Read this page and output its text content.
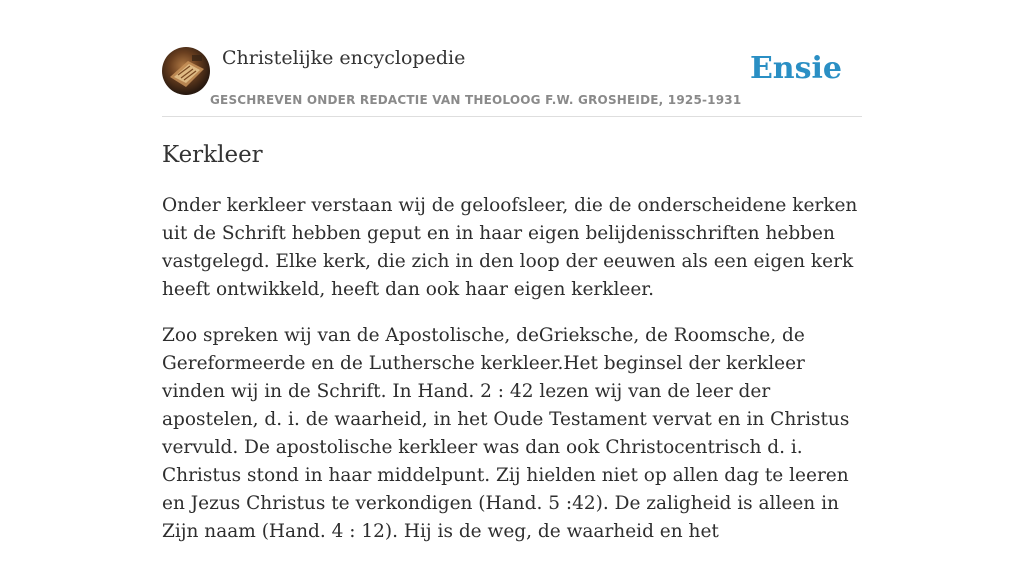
Christelijke encyclopedie
GESCHREVEN ONDER REDACTIE VAN THEOLOOG F.W. GROSHEIDE, 1925-1931
Ensie
Kerkleer

Onder kerkleer verstaan wij de geloofsleer, die de onderscheidene kerken uit de Schrift hebben geput en in haar eigen belijdenisschriften hebben vastgelegd. Elke kerk, die zich in den loop der eeuwen als een eigen kerk heeft ontwikkeld, heeft dan ook haar eigen kerkleer.

Zoo spreken wij van de Apostolische, deGrieksche, de Roomsche, de Gereformeerde en de Luthersche kerkleer.Het beginsel der kerkleer vinden wij in de Schrift. In Hand. 2 : 42 lezen wij van de leer der apostelen, d. i. de waarheid, in het Oude Testament vervat en in Christus vervuld. De apostolische kerkleer was dan ook Christocentrisch d. i. Christus stond in haar middelpunt. Zij hielden niet op allen dag te leeren en Jezus Christus te verkondigen (Hand. 5 :42). De zaligheid is alleen in Zijn naam (Hand. 4 : 12). Hij is de weg, de waarheid en het
